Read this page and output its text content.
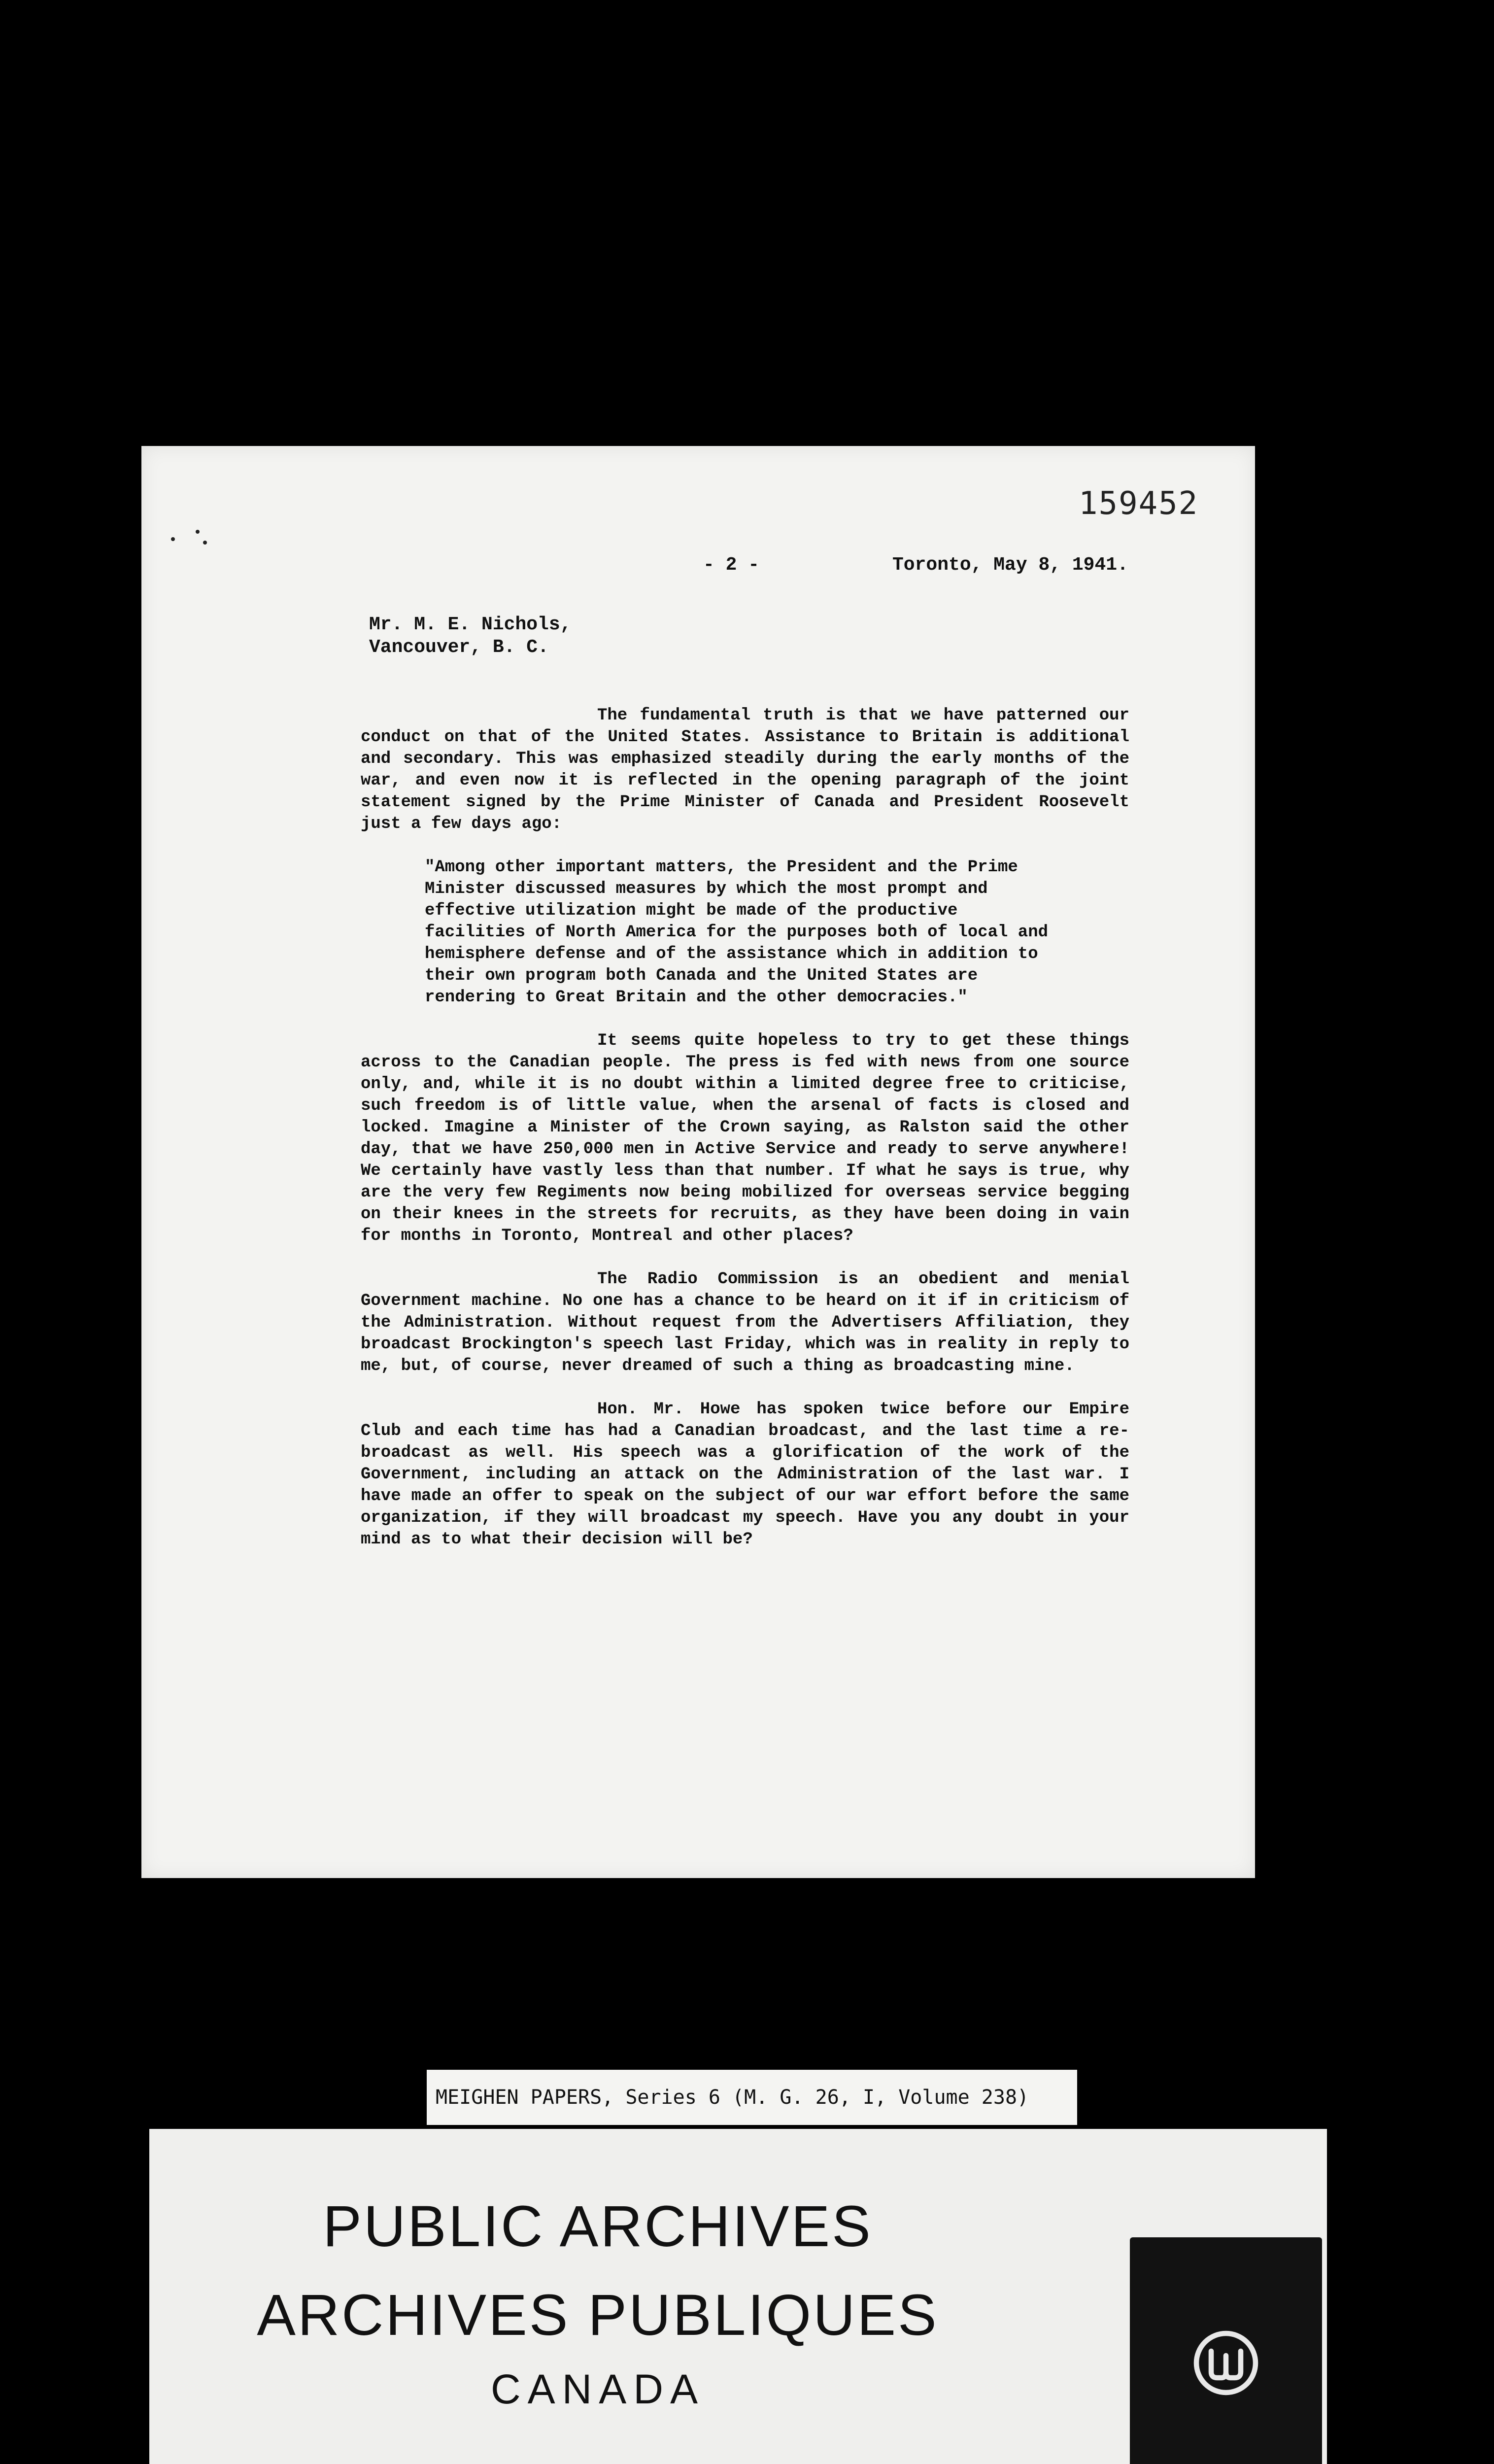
159452
- 2 -	Toronto, May 8, 1941.
Mr. M. E. Nichols,
Vancouver, B. C.

The fundamental truth is that we have patterned our conduct on that of the United States. Assistance to Britain is additional and secondary. This was emphasized steadily during the early months of the war, and even now it is reflected in the opening paragraph of the joint statement signed by the Prime Minister of Canada and President Roosevelt just a few days ago:

"Among other important matters, the President and the Prime Minister discussed measures by which the most prompt and effective utilization might be made of the productive facilities of North America for the purposes both of local and hemisphere defense and of the assistance which in addition to their own program both Canada and the United States are rendering to Great Britain and the other democracies."

It seems quite hopeless to try to get these things across to the Canadian people. The press is fed with news from one source only, and, while it is no doubt within a limited degree free to criticise, such freedom is of little value, when the arsenal of facts is closed and locked. Imagine a Minister of the Crown saying, as Ralston said the other day, that we have 250,000 men in Active Service and ready to serve anywhere! We certainly have vastly less than that number. If what he says is true, why are the very few Regiments now being mobilized for overseas service begging on their knees in the streets for recruits, as they have been doing in vain for months in Toronto, Montreal and other places?

The Radio Commission is an obedient and menial Government machine. No one has a chance to be heard on it if in criticism of the Administration. Without request from the Advertisers Affiliation, they broadcast Brockington's speech last Friday, which was in reality in reply to me, but, of course, never dreamed of such a thing as broadcasting mine.

Hon. Mr. Howe has spoken twice before our Empire Club and each time has had a Canadian broadcast, and the last time a re-broadcast as well. His speech was a glorification of the work of the Government, including an attack on the Administration of the last war. I have made an offer to speak on the subject of our war effort before the same organization, if they will broadcast my speech. Have you any doubt in your mind as to what their decision will be?

MEIGHEN PAPERS, Series 6 (M. G. 26, I, Volume 238)
PUBLIC ARCHIVES
ARCHIVES PUBLIQUES
CANADA
